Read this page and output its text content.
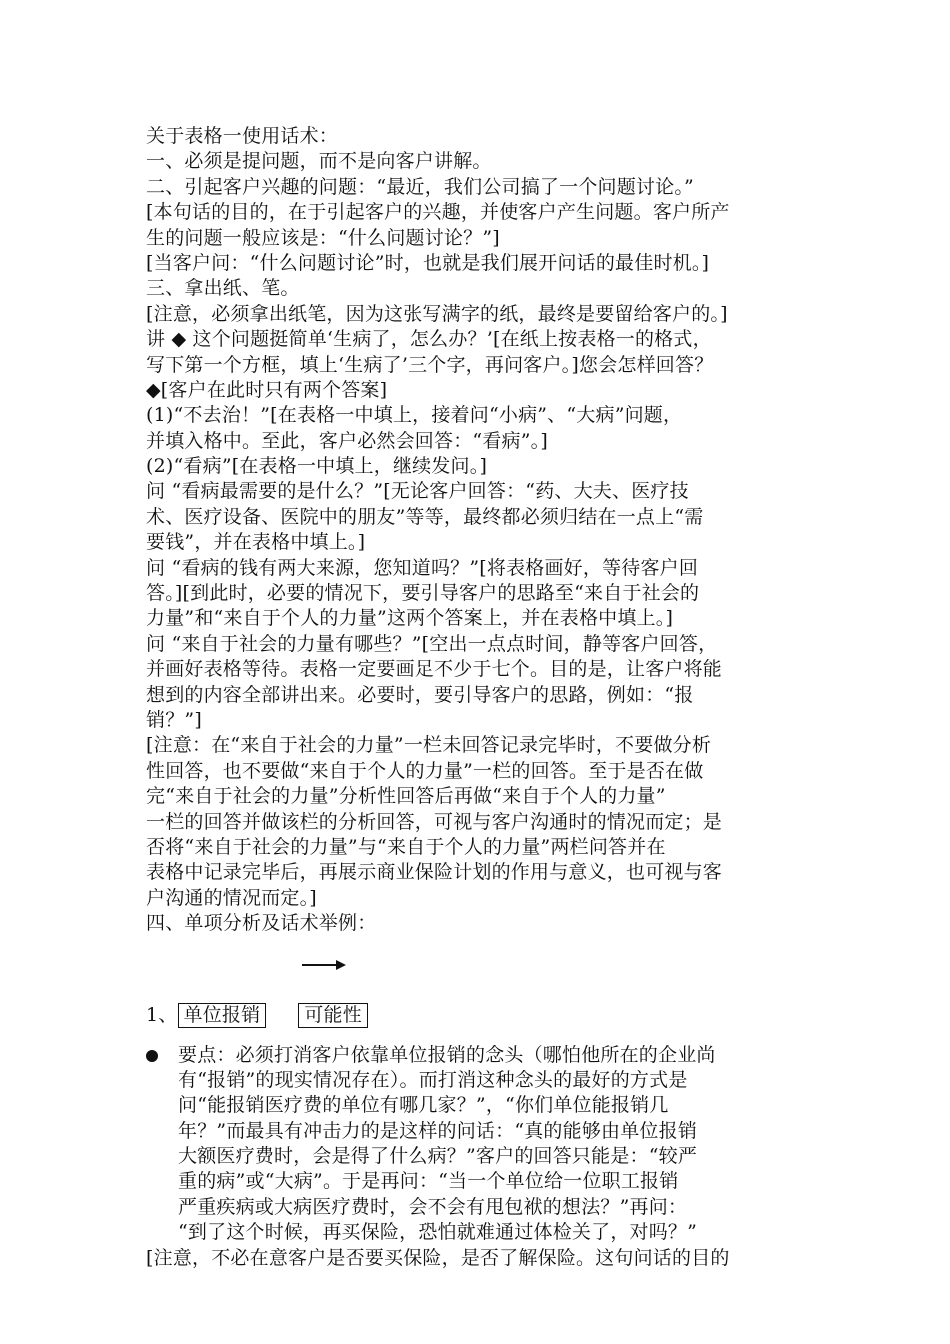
关于表格一使用话术：
一、必须是提问题，而不是向客户讲解。
二、引起客户兴趣的问题：“最近，我们公司搞了一个问题讨论。”
[本句话的目的，在于引起客户的兴趣，并使客户产生问题。客户所产
生的问题一般应该是：“什么问题讨论？”]
[当客户问：“什么问题讨论”时，也就是我们展开问话的最佳时机。]
三、拿出纸、笔。
[注意，必须拿出纸笔，因为这张写满字的纸，最终是要留给客户的。]
讲 ◆ 这个问题挺简单‘生病了，怎么办？’[在纸上按表格一的格式，
写下第一个方框，填上‘生病了’三个字，再问客户。]您会怎样回答？
◆[客户在此时只有两个答案]
(1)“不去治！”[在表格一中填上，接着问“小病”、“大病”问题，
并填入格中。至此，客户必然会回答：“看病”。]
(2)“看病”[在表格一中填上，继续发问。]
问 “看病最需要的是什么？”[无论客户回答：“药、大夫、医疗技
术、医疗设备、医院中的朋友”等等，最终都必须归结在一点上“需
要钱”，并在表格中填上。]
问 “看病的钱有两大来源，您知道吗？”[将表格画好，等待客户回
答。][到此时，必要的情况下，要引导客户的思路至“来自于社会的
力量”和“来自于个人的力量”这两个答案上，并在表格中填上。]
问 “来自于社会的力量有哪些？”[空出一点点时间，静等客户回答，
并画好表格等待。表格一定要画足不少于七个。目的是，让客户将能
想到的内容全部讲出来。必要时，要引导客户的思路，例如：“报
销？”]
[注意：在“来自于社会的力量”一栏未回答记录完毕时，不要做分析
性回答，也不要做“来自于个人的力量”一栏的回答。至于是否在做
完“来自于社会的力量”分析性回答后再做“来自于个人的力量”
一栏的回答并做该栏的分析回答，可视与客户沟通时的情况而定；是
否将“来自于社会的力量”与“来自于个人的力量”两栏问答并在
表格中记录完毕后，再展示商业保险计划的作用与意义，也可视与客
户沟通的情况而定。]
四、单项分析及话术举例：
1、 单位报销 可能性
要点：必须打消客户依靠单位报销的念头（哪怕他所在的企业尚
有“报销”的现实情况存在）。而打消这种念头的最好的方式是
问“能报销医疗费的单位有哪几家？”，“你们单位能报销几
年？”而最具有冲击力的是这样的问话：“真的能够由单位报销
大额医疗费时，会是得了什么病？”客户的回答只能是：“较严
重的病”或“大病”。于是再问：“当一个单位给一位职工报销
严重疾病或大病医疗费时，会不会有甩包袱的想法？”再问：
“到了这个时候，再买保险，恐怕就难通过体检关了，对吗？”
[注意，不必在意客户是否要买保险，是否了解保险。这句问话的目的
